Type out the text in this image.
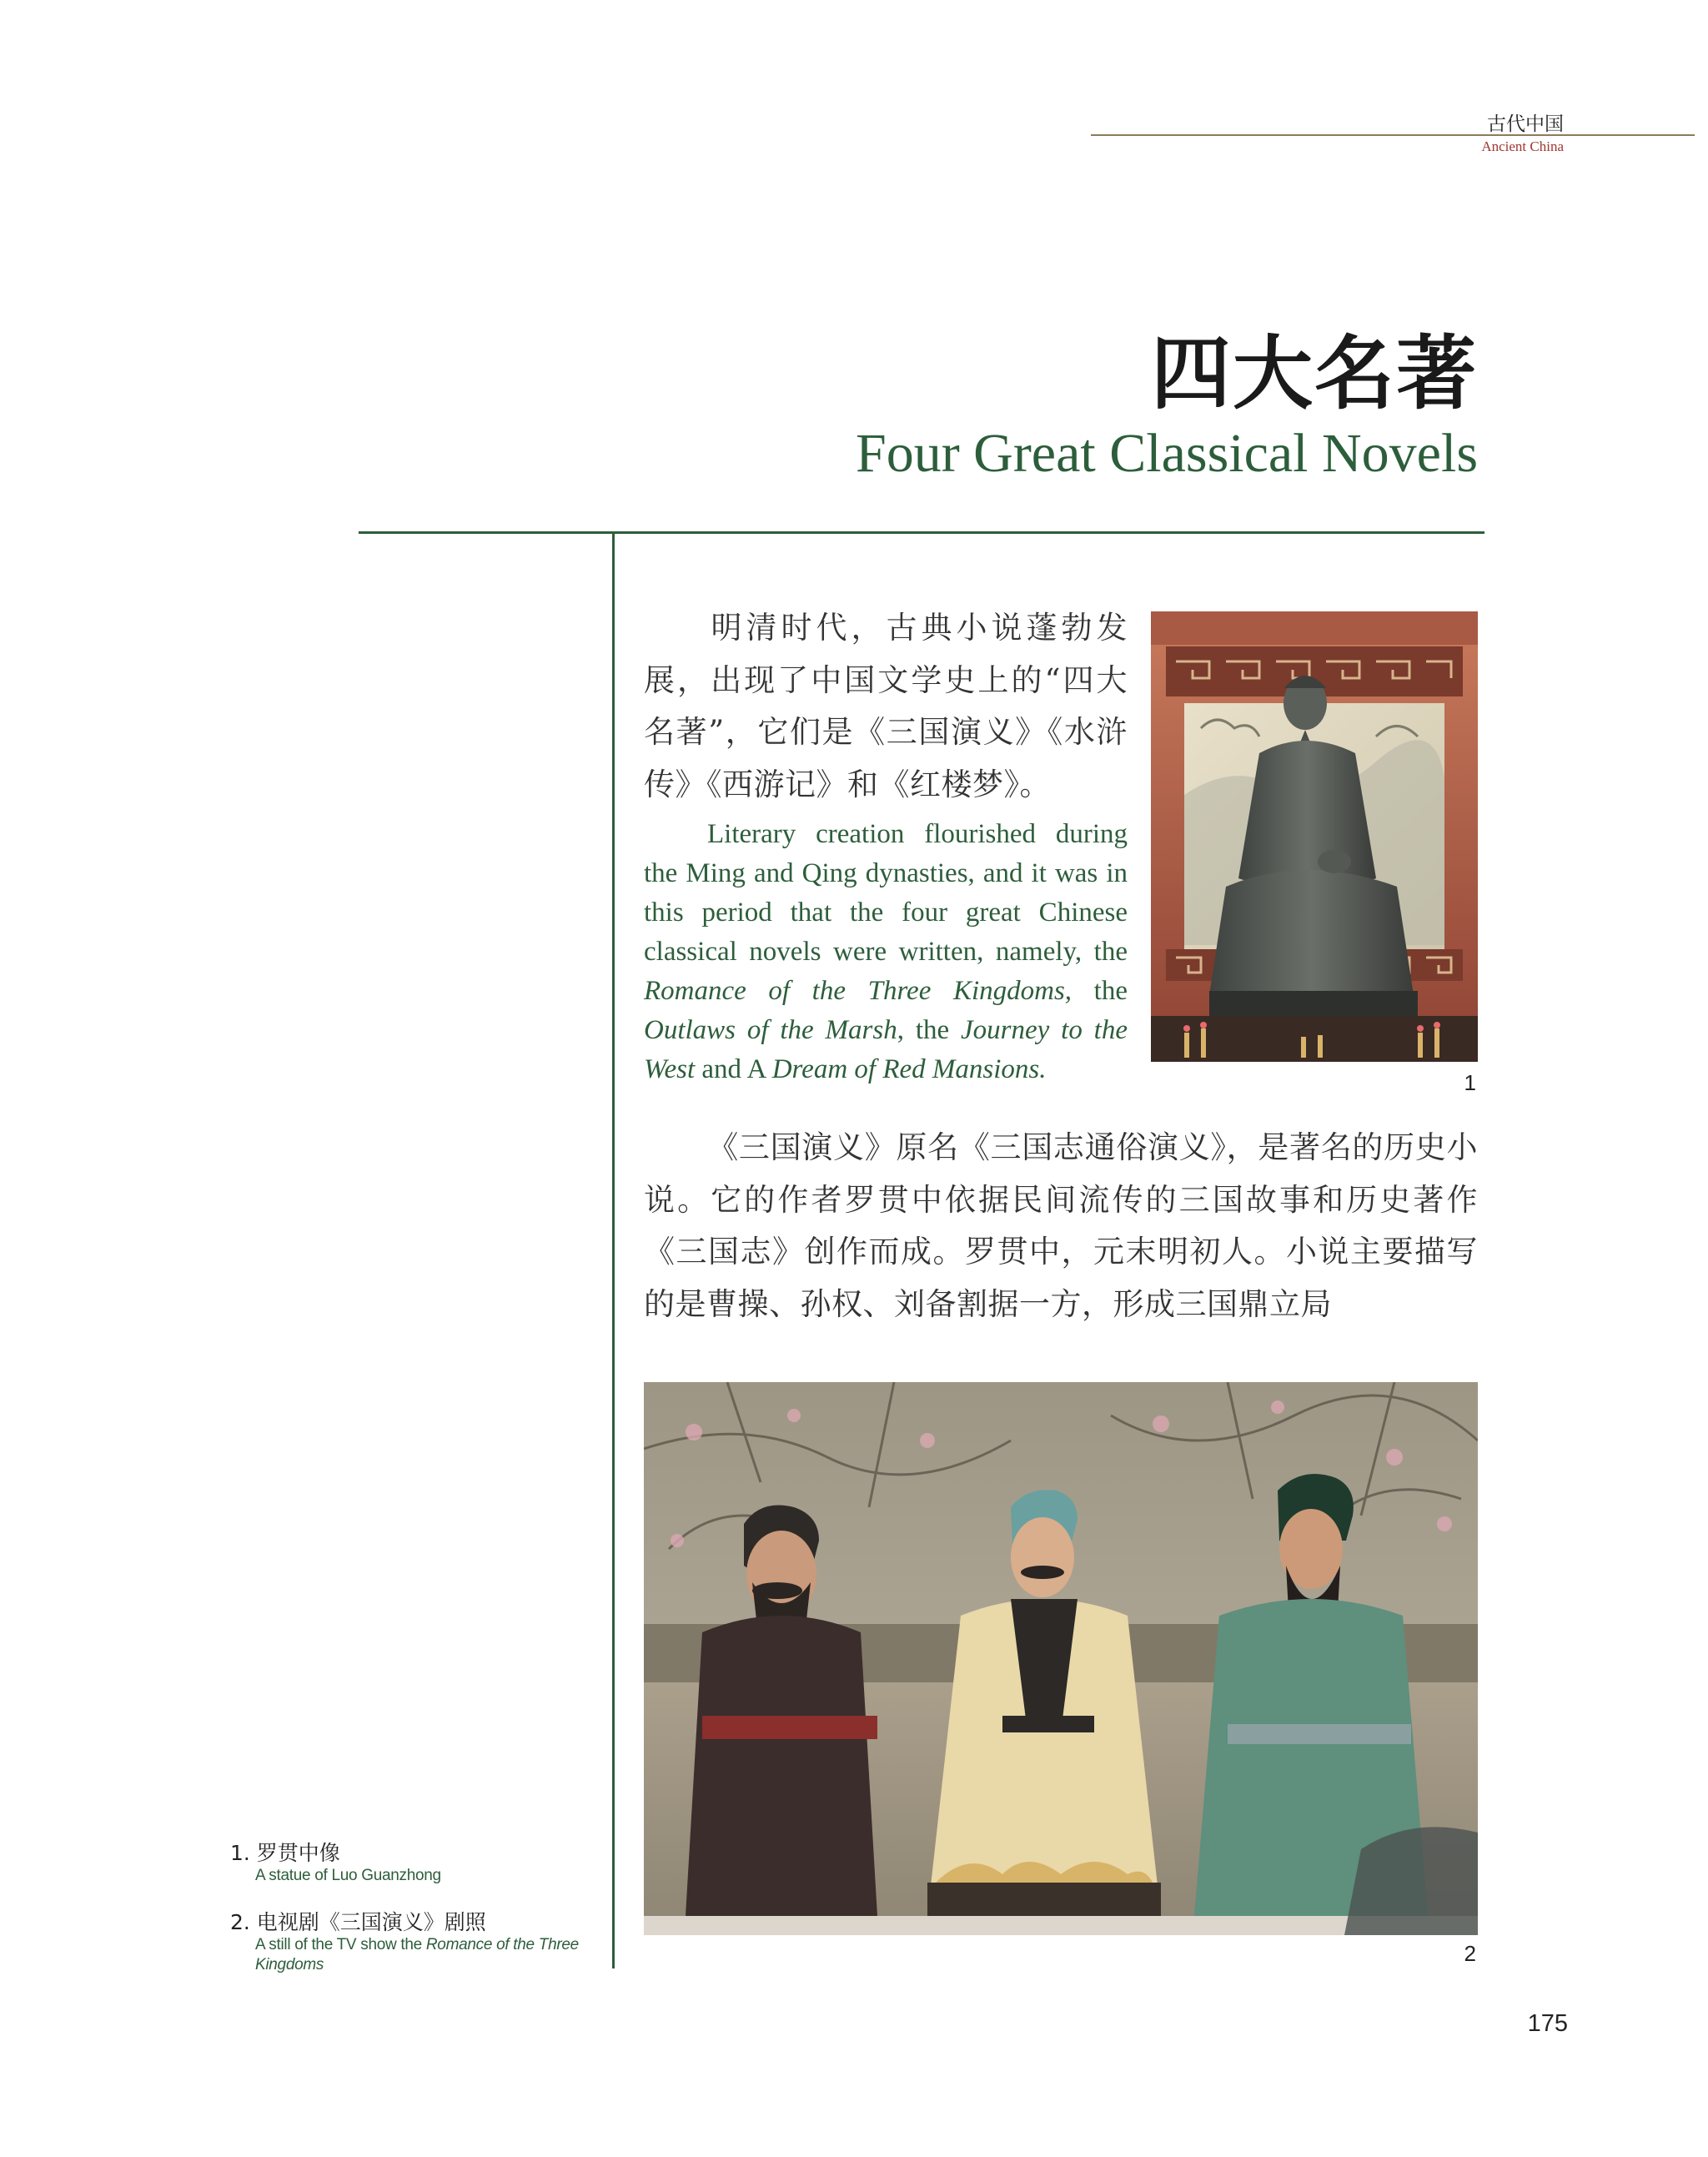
古代中国
Ancient China
四大名著
Four Great Classical Novels
明清时代，古典小说蓬勃发展，出现了中国文学史上的“四大名著”，它们是《三国演义》《水浒传》《西游记》和《红楼梦》。
Literary creation flourished during the Ming and Qing dynasties, and it was in this period that the four great Chinese classical novels were written, namely, the Romance of the Three Kingdoms, the Outlaws of the Marsh, the Journey to the West and A Dream of Red Mansions.	1
《三国演义》原名《三国志通俗演义》，是著名的历史小说。它的作者罗贯中依据民间流传的三国故事和历史著作《三国志》创作而成。罗贯中，元末明初人。小说主要描写的是曹操、孙权、刘备割据一方，形成三国鼎立局
2
1. 罗贯中像
A statue of Luo Guanzhong
2. 电视剧《三国演义》剧照
A still of the TV show the Romance of the Three Kingdoms
175
